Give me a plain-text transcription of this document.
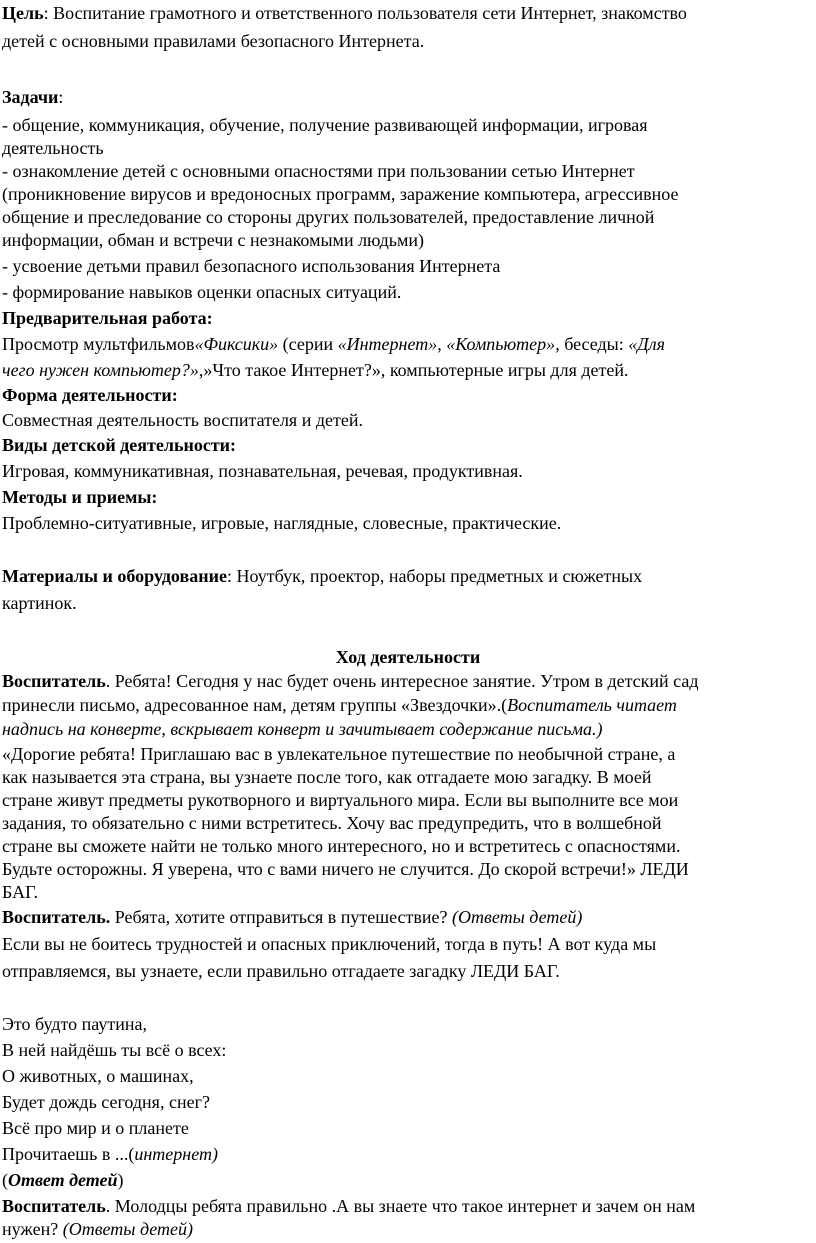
Цель: Воспитание грамотного и ответственного пользователя сети Интернет, знакомство
детей с основными правилами безопасного Интернета.
Задачи:
- общение, коммуникация, обучение, получение развивающей информации, игровая
деятельность
- ознакомление детей с основными опасностями при пользовании сетью Интернет
(проникновение вирусов и вредоносных программ, заражение компьютера, агрессивное
общение и преследование со стороны других пользователей, предоставление личной
информации, обман и встречи с незнакомыми людьми)
- усвоение детьми правил безопасного использования Интернета
- формирование навыков оценки опасных ситуаций.
Предварительная работа:
Просмотр мультфильмов«Фиксики» (серии «Интернет», «Компьютер», беседы: «Для
чего нужен компьютер?»,»Что такое Интернет?», компьютерные игры для детей.
Форма деятельности:
Совместная деятельность воспитателя и детей.
Виды детской деятельности:
Игровая, коммуникативная, познавательная, речевая, продуктивная.
Методы и приемы:
Проблемно-ситуативные, игровые, наглядные, словесные, практические.
Материалы и оборудование: Ноутбук, проектор, наборы предметных и сюжетных
картинок.
Ход деятельности
Воспитатель. Ребята! Сегодня у нас будет очень интересное занятие. Утром в детский сад
принесли письмо, адресованное нам, детям группы «Звездочки».(Воспитатель читает
надпись на конверте, вскрывает конверт и зачитывает содержание письма.)
«Дорогие ребята! Приглашаю вас в увлекательное путешествие по необычной стране, а
как называется эта страна, вы узнаете после того, как отгадаете мою загадку. В моей
стране живут предметы рукотворного и виртуального мира. Если вы выполните все мои
задания, то обязательно с ними встретитесь. Хочу вас предупредить, что в волшебной
стране вы сможете найти не только много интересного, но и встретитесь с опасностями.
Будьте осторожны. Я уверена, что с вами ничего не случится. До скорой встречи!» ЛЕДИ
БАГ.
Воспитатель. Ребята, хотите отправиться в путешествие? (Ответы детей)
Если вы не боитесь трудностей и опасных приключений, тогда в путь! А вот куда мы
отправляемся, вы узнаете, если правильно отгадаете загадку ЛЕДИ БАГ.
Это будто паутина,
В ней найдёшь ты всё о всех:
О животных, о машинах,
Будет дождь сегодня, снег?
Всё про мир и о планете
Прочитаешь в ...(интернет)
(Ответ детей)
Воспитатель. Молодцы ребята правильно .А вы знаете что такое интернет и зачем он нам
нужен? (Ответы детей)
